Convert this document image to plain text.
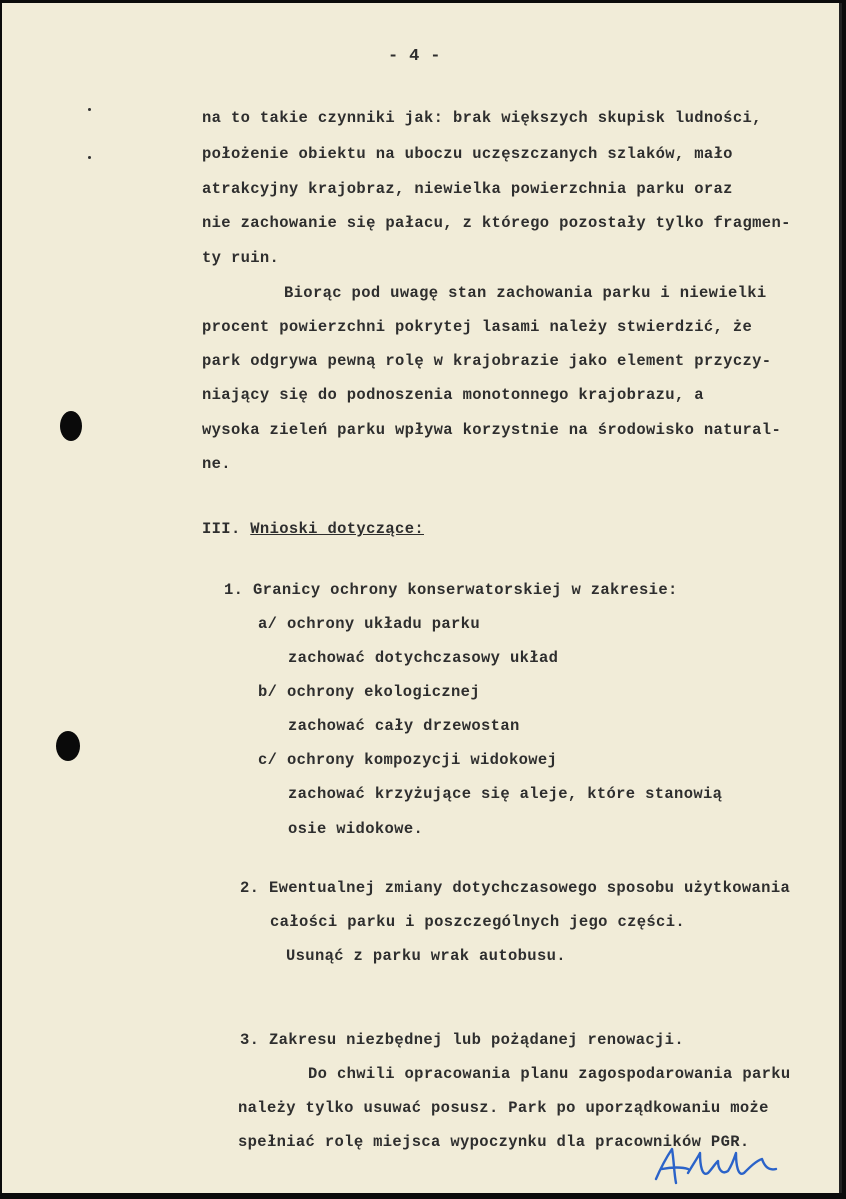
- 4 -
na to takie czynniki jak: brak większych skupisk ludności,
położenie obiektu na uboczu uczęszczanych szlaków, mało
atrakcyjny krajobraz, niewielka powierzchnia parku oraz
nie zachowanie się pałacu, z którego pozostały tylko fragmen-
ty ruin.
Biorąc pod uwagę stan zachowania parku i niewielki
procent powierzchni pokrytej lasami należy stwierdzić, że
park odgrywa pewną rolę w krajobrazie jako element przyczy-
niający się do podnoszenia monotonnego krajobrazu, a
wysoka zieleń parku wpływa korzystnie na środowisko natural-
ne.
III. Wnioski dotyczące:
1. Granicy ochrony konserwatorskiej w zakresie:
a/ ochrony układu parku
zachować dotychczasowy układ
b/ ochrony ekologicznej
zachować cały drzewostan
c/ ochrony kompozycji widokowej
zachować krzyżujące się aleje, które stanowią
osie widokowe.
2. Ewentualnej zmiany dotychczasowego sposobu użytkowania
całości parku i poszczególnych jego części.
Usunąć z parku wrak autobusu.
3. Zakresu niezbędnej lub pożądanej renowacji.
Do chwili opracowania planu zagospodarowania parku
należy tylko usuwać posusz. Park po uporządkowaniu może
spełniać rolę miejsca wypoczynku dla pracowników PGR.
